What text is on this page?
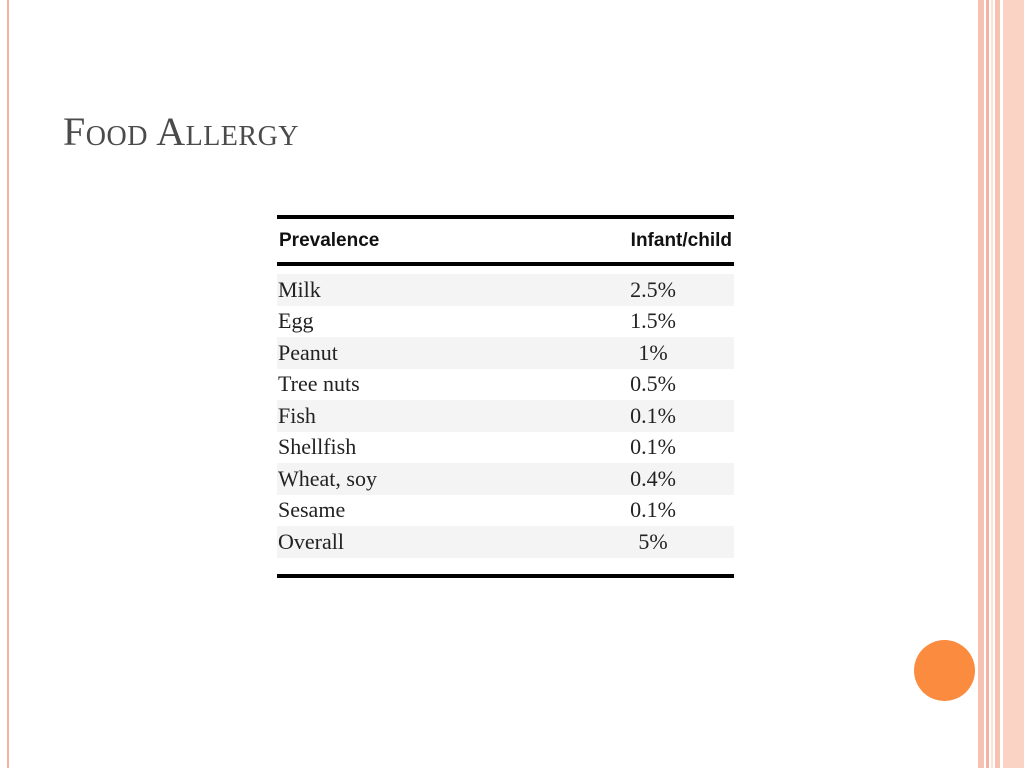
Food Allergy
Prevalence	Infant/child
Milk	2.5%
Egg	1.5%
Peanut	1%
Tree nuts	0.5%
Fish	0.1%
Shellfish	0.1%
Wheat, soy	0.4%
Sesame	0.1%
Overall	5%
